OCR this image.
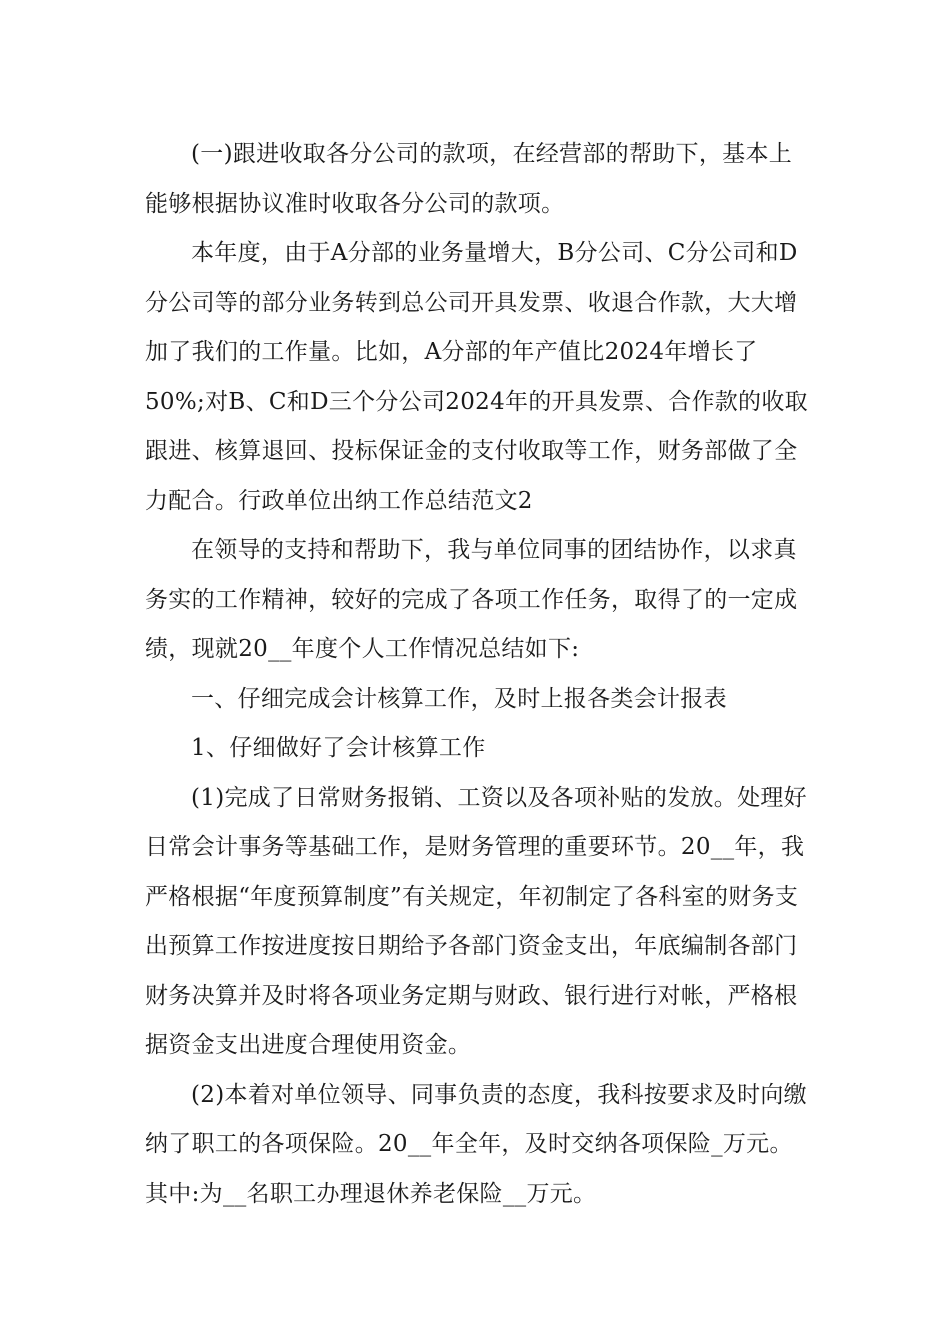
(一)跟进收取各分公司的款项，在经营部的帮助下，基本上能够根据协议准时收取各分公司的款项。

本年度，由于A分部的业务量增大，B分公司、C分公司和D分公司等的部分业务转到总公司开具发票、收退合作款，大大增加了我们的工作量。比如，A分部的年产值比2024年增长了50%;对B、C和D三个分公司2024年的开具发票、合作款的收取跟进、核算退回、投标保证金的支付收取等工作，财务部做了全力配合。行政单位出纳工作总结范文2

在领导的支持和帮助下，我与单位同事的团结协作，以求真务实的工作精神，较好的完成了各项工作任务，取得了的一定成绩，现就20__年度个人工作情况总结如下:

一、仔细完成会计核算工作，及时上报各类会计报表

1、仔细做好了会计核算工作

(1)完成了日常财务报销、工资以及各项补贴的发放。处理好日常会计事务等基础工作，是财务管理的重要环节。20__年，我严格根据“年度预算制度”有关规定，年初制定了各科室的财务支出预算工作按进度按日期给予各部门资金支出，年底编制各部门财务决算并及时将各项业务定期与财政、银行进行对帐，严格根据资金支出进度合理使用资金。

(2)本着对单位领导、同事负责的态度，我科按要求及时向缴纳了职工的各项保险。20__年全年，及时交纳各项保险_万元。其中:为__名职工办理退休养老保险__万元。
